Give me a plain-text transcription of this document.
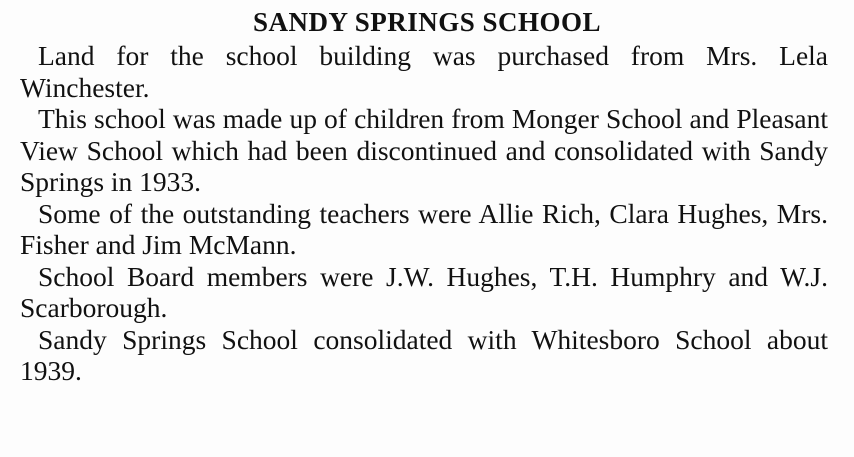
SANDY SPRINGS SCHOOL

Land for the school building was purchased from Mrs. Lela Winchester.

This school was made up of children from Monger School and Pleasant View School which had been discontinued and consolidated with Sandy Springs in 1933.

Some of the outstanding teachers were Allie Rich, Clara Hughes, Mrs. Fisher and Jim McMann.

School Board members were J.W. Hughes, T.H. Humphry and W.J. Scarborough.

Sandy Springs School consolidated with Whitesboro School about 1939.
